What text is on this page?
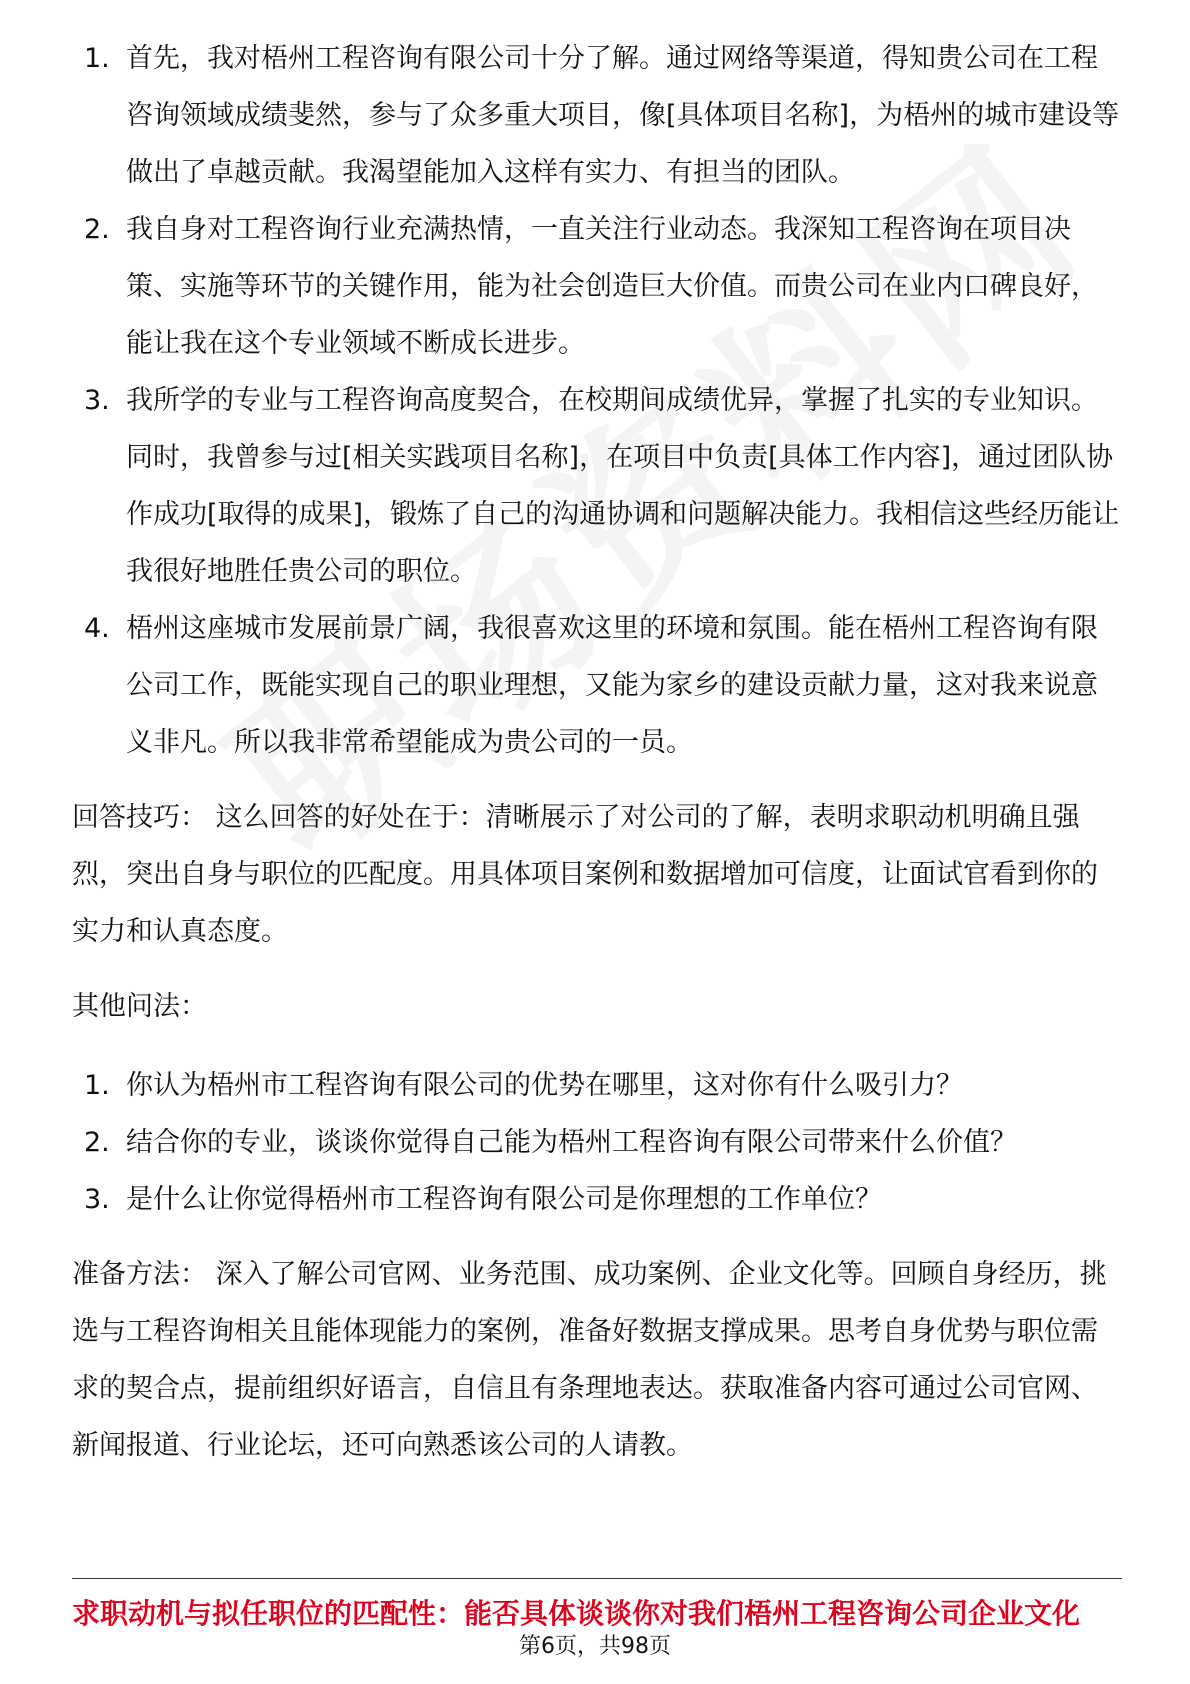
1. 首先，我对梧州工程咨询有限公司十分了解。通过网络等渠道，得知贵公司在工程咨询领域成绩斐然，参与了众多重大项目，像[具体项目名称]，为梧州的城市建设等做出了卓越贡献。我渴望能加入这样有实力、有担当的团队。
2. 我自身对工程咨询行业充满热情，一直关注行业动态。我深知工程咨询在项目决策、实施等环节的关键作用，能为社会创造巨大价值。而贵公司在业内口碑良好，能让我在这个专业领域不断成长进步。
3. 我所学的专业与工程咨询高度契合，在校期间成绩优异，掌握了扎实的专业知识。同时，我曾参与过[相关实践项目名称]，在项目中负责[具体工作内容]，通过团队协作成功[取得的成果]，锻炼了自己的沟通协调和问题解决能力。我相信这些经历能让我很好地胜任贵公司的职位。
4. 梧州这座城市发展前景广阔，我很喜欢这里的环境和氛围。能在梧州工程咨询有限公司工作，既能实现自己的职业理想，又能为家乡的建设贡献力量，这对我来说意义非凡。所以我非常希望能成为贵公司的一员。

回答技巧： 这么回答的好处在于：清晰展示了对公司的了解，表明求职动机明确且强烈，突出自身与职位的匹配度。用具体项目案例和数据增加可信度，让面试官看到你的实力和认真态度。

其他问法：

1. 你认为梧州市工程咨询有限公司的优势在哪里，这对你有什么吸引力？
2. 结合你的专业，谈谈你觉得自己能为梧州工程咨询有限公司带来什么价值？
3. 是什么让你觉得梧州市工程咨询有限公司是你理想的工作单位？

准备方法： 深入了解公司官网、业务范围、成功案例、企业文化等。回顾自身经历，挑选与工程咨询相关且能体现能力的案例，准备好数据支撑成果。思考自身优势与职位需求的契合点，提前组织好语言，自信且有条理地表达。获取准备内容可通过公司官网、新闻报道、行业论坛，还可向熟悉该公司的人请教。

求职动机与拟任职位的匹配性：能否具体谈谈你对我们梧州工程咨询公司企业文化
第6页，共98页
